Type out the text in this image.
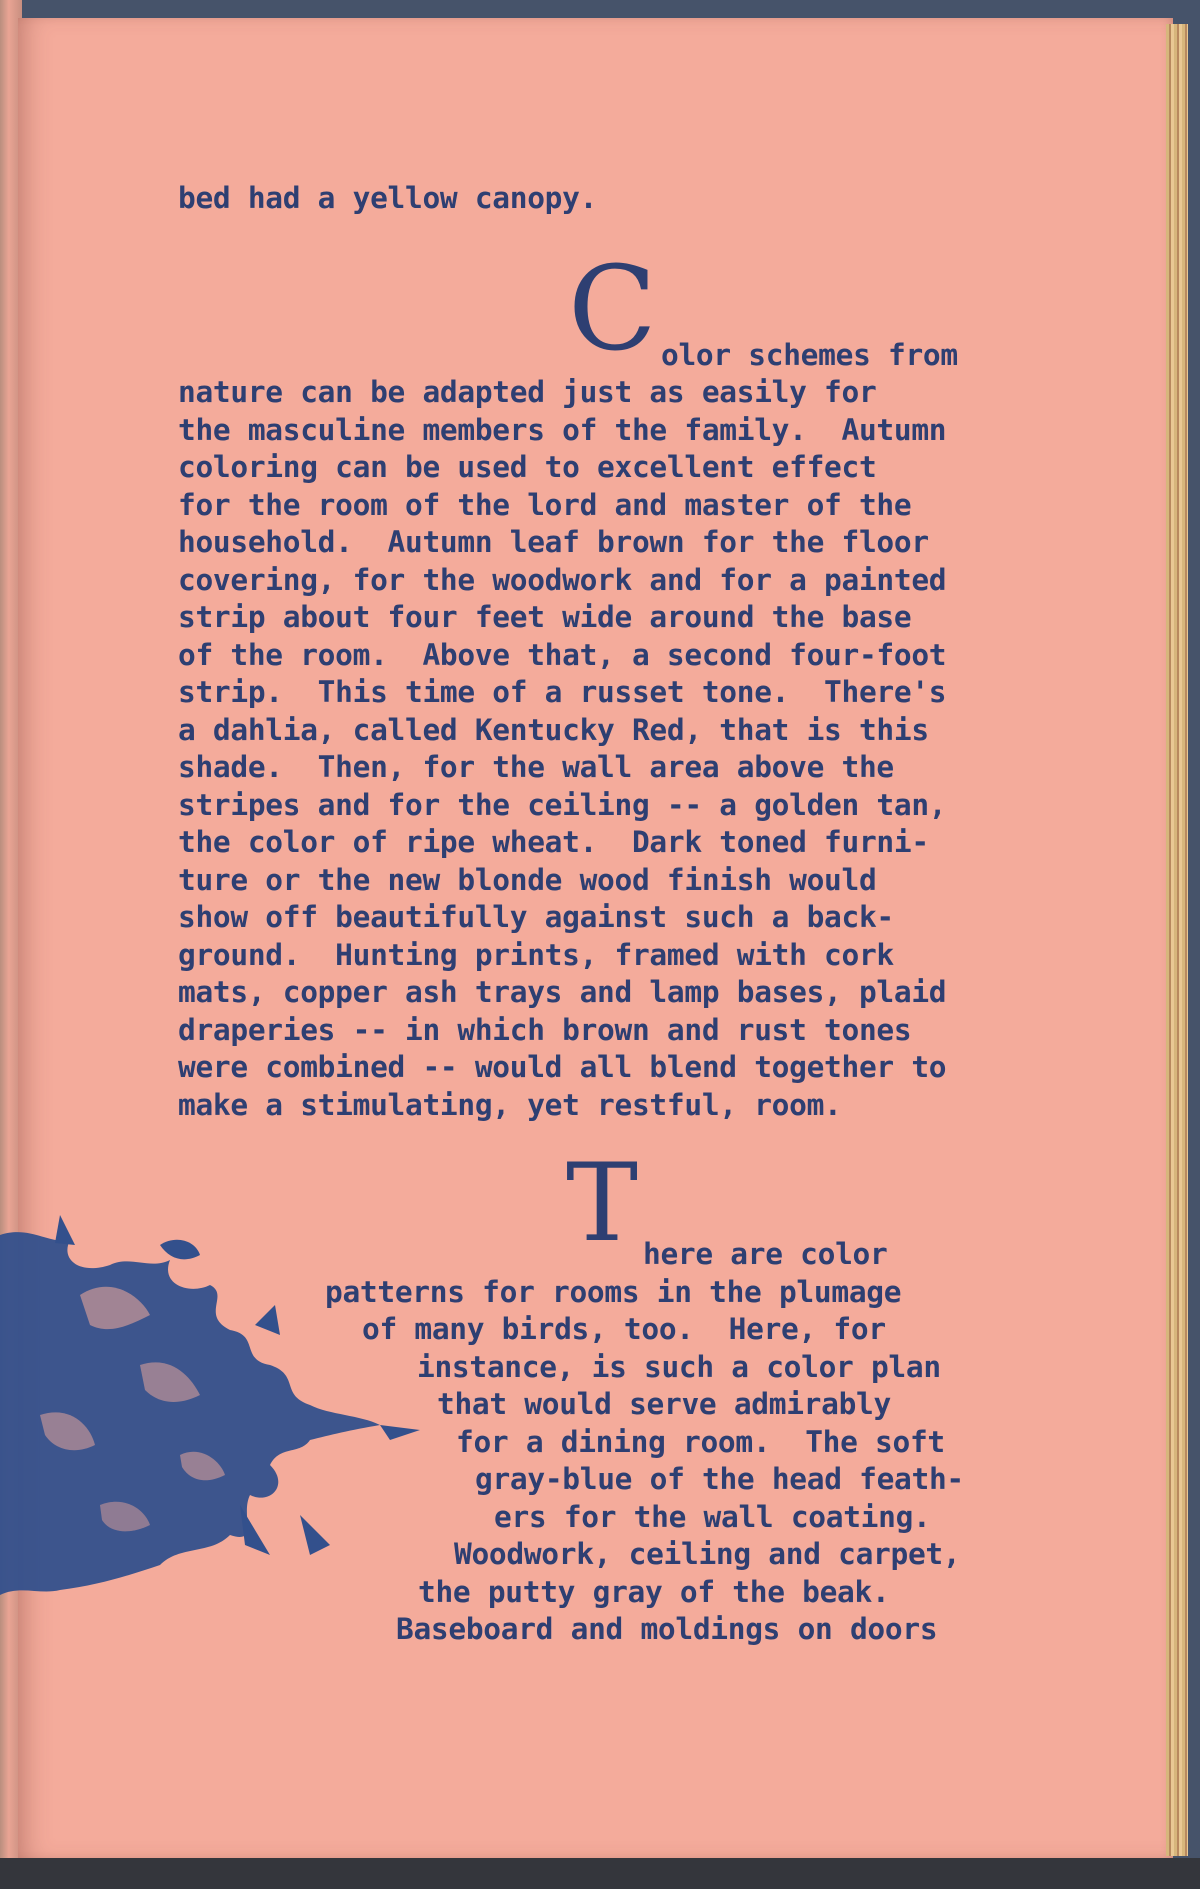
bed had a yellow canopy.

C olor schemes from

nature can be adapted just as easily for

the masculine members of the family.  Autumn

coloring can be used to excellent effect

for the room of the lord and master of the

household.  Autumn leaf brown for the floor

covering, for the woodwork and for a painted

strip about four feet wide around the base

of the room.  Above that, a second four-foot

strip.  This time of a russet tone.  There's

a dahlia, called Kentucky Red, that is this

shade.  Then, for the wall area above the

stripes and for the ceiling -- a golden tan,

the color of ripe wheat.  Dark toned furni-

ture or the new blonde wood finish would

show off beautifully against such a back-

ground.  Hunting prints, framed with cork

mats, copper ash trays and lamp bases, plaid

draperies -- in which brown and rust tones

were combined -- would all blend together to

make a stimulating, yet restful, room.

T here are color

patterns for rooms in the plumage

of many birds, too.  Here, for

instance, is such a color plan

that would serve admirably

for a dining room.  The soft

gray-blue of the head feath-

ers for the wall coating.

Woodwork, ceiling and carpet,

the putty gray of the beak.

Baseboard and moldings on doors
